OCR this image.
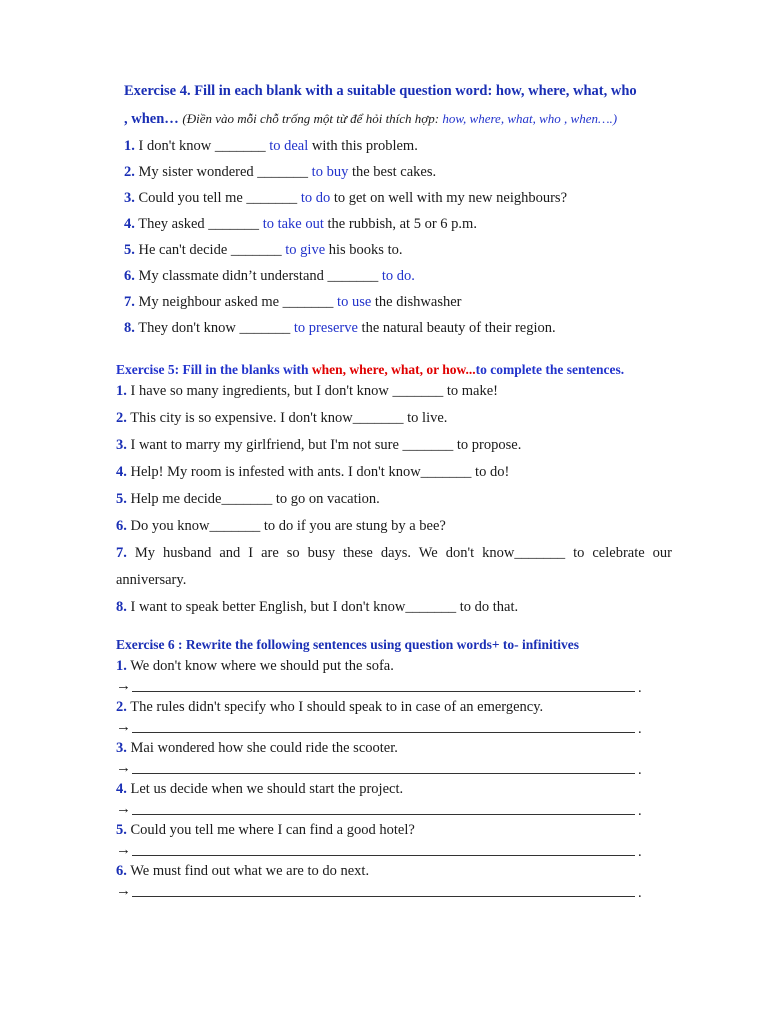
Exercise 4. Fill in each blank with a suitable question word: how, where, what, who
, when… (Điền vào mỗi chỗ trống một từ để hỏi thích hợp: how, where, what, who , when….)
1. I don't know _______ to deal with this problem.
2. My sister wondered _______ to buy the best cakes.
3. Could you tell me _______ to do to get on well with my new neighbours?
4. They asked _______ to take out the rubbish, at 5 or 6 p.m.
5. He can't decide _______ to give his books to.
6. My classmate didn’t understand _______ to do.
7. My neighbour asked me _______ to use the dishwasher
8. They don't know _______ to preserve the natural beauty of their region.
Exercise 5: Fill in the blanks with when, where, what, or how...to complete the sentences.
1. I have so many ingredients, but I don't know _______ to make!
2. This city is so expensive. I don't know_______ to live.
3. I want to marry my girlfriend, but I'm not sure _______ to propose.
4. Help! My room is infested with ants. I don't know_______ to do!
5. Help me decide_______ to go on vacation.
6. Do you know_______ to do if you are stung by a bee?
7. My husband and I are so busy these days. We don't know_______ to celebrate our
anniversary.
8. I want to speak better English, but I don't know_______ to do that.
Exercise 6 : Rewrite the following sentences using question words+ to- infinitives
1. We don't know where we should put the sofa.
→	.
2. The rules didn't specify who I should speak to in case of an emergency.
→	.
3. Mai wondered how she could ride the scooter.
→	.
4. Let us decide when we should start the project.
→	.
5. Could you tell me where I can find a good hotel?
→	.
6. We must find out what we are to do next.
→	.
